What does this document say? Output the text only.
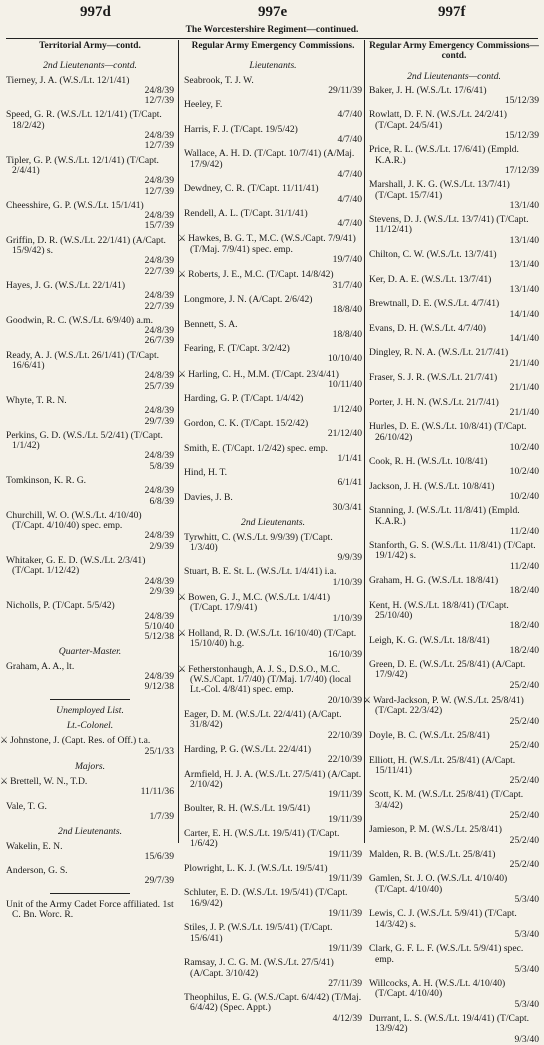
997d	997e	997f
The Worcestershire Regiment—continued.
Territorial Army—contd.
2nd Lieutenants—contd.
Tierney, J. A. (W.S./Lt. 12/1/41)
24/8/39
12/7/39
Speed, G. R. (W.S./Lt. 12/1/41) (T/Capt. 18/2/42)
24/8/39
12/7/39
Tipler, G. P. (W.S./Lt. 12/1/41) (T/Capt. 2/4/41)
24/8/39
12/7/39
Cheesshire, G. P. (W.S./Lt. 15/1/41)
24/8/39
15/7/39
Griffin, D. R. (W.S./Lt. 22/1/41) (A/Capt. 15/9/42) s.
24/8/39
22/7/39
Hayes, J. G. (W.S./Lt. 22/1/41)
24/8/39
22/7/39
Goodwin, R. C. (W.S./Lt. 6/9/40) a.m.
24/8/39
26/7/39
Ready, A. J. (W.S./Lt. 26/1/41) (T/Capt. 16/6/41)
24/8/39
25/7/39
Whyte, T. R. N.
24/8/39
29/7/39
Perkins, G. D. (W.S./Lt. 5/2/41) (T/Capt. 1/1/42)
24/8/39
5/8/39
Tomkinson, K. R. G.
24/8/39
6/8/39
Churchill, W. O. (W.S./Lt. 4/10/40) (T/Capt. 4/10/40) spec. emp.
24/8/39
2/9/39
Whitaker, G. E. D. (W.S./Lt. 2/3/41) (T/Capt. 1/12/42)
24/8/39
2/9/39
Nicholls, P. (T/Capt. 5/5/42)
24/8/39
5/10/40
5/12/38
Quarter-Master.
Graham, A. A., lt.
24/8/39
9/12/38
Unemployed List.
Lt.-Colonel.
⚔ Johnstone, J. (Capt. Res. of Off.) t.a.
25/1/33
Majors.
⚔ Brettell, W. N., T.D.
11/11/36
Vale, T. G.
1/7/39
2nd Lieutenants.
Wakelin, E. N.
15/6/39
Anderson, G. S.
29/7/39
Unit of the Army Cadet Force affiliated. 1st C. Bn. Worc. R.
Regular Army Emergency Commissions.
Lieutenants.
Seabrook, T. J. W.
29/11/39
Heeley, F.
4/7/40
Harris, F. J. (T/Capt. 19/5/42)
4/7/40
Wallace, A. H. D. (T/Capt. 10/7/41) (A/Maj. 17/9/42)
4/7/40
Dewdney, C. R. (T/Capt. 11/11/41)
4/7/40
Rendell, A. L. (T/Capt. 31/1/41)
4/7/40
⚔ Hawkes, B. G. T., M.C. (W.S./Capt. 7/9/41) (T/Maj. 7/9/41) spec. emp.
19/7/40
⚔ Roberts, J. E., M.C. (T/Capt. 14/8/42)
31/7/40
Longmore, J. N. (A/Capt. 2/6/42)
18/8/40
Bennett, S. A.
18/8/40
Fearing, F. (T/Capt. 3/2/42)
10/10/40
⚔ Harling, C. H., M.M. (T/Capt. 23/4/41)
10/11/40
Harding, G. P. (T/Capt. 1/4/42)
1/12/40
Gordon, C. K. (T/Capt. 15/2/42)
21/12/40
Smith, E. (T/Capt. 1/2/42) spec. emp.
1/1/41
Hind, H. T.
6/1/41
Davies, J. B.
30/3/41
2nd Lieutenants.
Tyrwhitt, C. (W.S./Lt. 9/9/39) (T/Capt. 1/3/40)
9/9/39
Stuart, B. E. St. L. (W.S./Lt. 1/4/41) i.a.
1/10/39
⚔ Bowen, G. J., M.C. (W.S./Lt. 1/4/41) (T/Capt. 17/9/41)
1/10/39
⚔ Holland, R. D. (W.S./Lt. 16/10/40) (T/Capt. 15/10/40) h.g.
16/10/39
⚔ Fetherstonhaugh, A. J. S., D.S.O., M.C. (W.S./Capt. 1/7/40) (T/Maj. 1/7/40) (local Lt.-Col. 4/8/41) spec. emp.
20/10/39
Eager, D. M. (W.S./Lt. 22/4/41) (A/Capt. 31/8/42)
22/10/39
Harding, P. G. (W.S./Lt. 22/4/41)
22/10/39
Armfield, H. J. A. (W.S./Lt. 27/5/41) (A/Capt. 2/10/42)
19/11/39
Boulter, R. H. (W.S./Lt. 19/5/41)
19/11/39
Carter, E. H. (W.S./Lt. 19/5/41) (T/Capt. 1/6/42)
19/11/39
Plowright, L. K. J. (W.S./Lt. 19/5/41)
19/11/39
Schluter, E. D. (W.S./Lt. 19/5/41) (T/Capt. 16/9/42)
19/11/39
Stiles, J. P. (W.S./Lt. 19/5/41) (T/Capt. 15/6/41)
19/11/39
Ramsay, J. C. G. M. (W.S./Lt. 27/5/41) (A/Capt. 3/10/42)
27/11/39
Theophilus, E. G. (W.S./Capt. 6/4/42) (T/Maj. 6/4/42) (Spec. Appt.)
4/12/39
Regular Army Emergency Commissions—contd.
2nd Lieutenants—contd.
Baker, J. H. (W.S./Lt. 17/6/41)
15/12/39
Rowlatt, D. F. N. (W.S./Lt. 24/2/41) (T/Capt. 24/5/41)
15/12/39
Price, R. L. (W.S./Lt. 17/6/41) (Empld. K.A.R.)
17/12/39
Marshall, J. K. G. (W.S./Lt. 13/7/41) (T/Capt. 15/7/41)
13/1/40
Stevens, D. J. (W.S./Lt. 13/7/41) (T/Capt. 11/12/41)
13/1/40
Chilton, C. W. (W.S./Lt. 13/7/41)
13/1/40
Ker, D. A. E. (W.S./Lt. 13/7/41)
13/1/40
Brewtnall, D. E. (W.S./Lt. 4/7/41)
14/1/40
Evans, D. H. (W.S./Lt. 4/7/40)
14/1/40
Dingley, R. N. A. (W.S./Lt. 21/7/41)
21/1/40
Fraser, S. J. R. (W.S./Lt. 21/7/41)
21/1/40
Porter, J. H. N. (W.S./Lt. 21/7/41)
21/1/40
Hurles, D. E. (W.S./Lt. 10/8/41) (T/Capt. 26/10/42)
10/2/40
Cook, R. H. (W.S./Lt. 10/8/41)
10/2/40
Jackson, J. H. (W.S./Lt. 10/8/41)
10/2/40
Stanning, J. (W.S./Lt. 11/8/41) (Empld. K.A.R.)
11/2/40
Stanforth, G. S. (W.S./Lt. 11/8/41) (T/Capt. 19/1/42) s.
11/2/40
Graham, H. G. (W.S./Lt. 18/8/41)
18/2/40
Kent, H. (W.S./Lt. 18/8/41) (T/Capt. 25/10/40)
18/2/40
Leigh, K. G. (W.S./Lt. 18/8/41)
18/2/40
Green, D. E. (W.S./Lt. 25/8/41) (A/Capt. 17/9/42)
25/2/40
⚔ Ward-Jackson, P. W. (W.S./Lt. 25/8/41) (T/Capt. 22/3/42)
25/2/40
Doyle, B. C. (W.S./Lt. 25/8/41)
25/2/40
Elliott, H. (W.S./Lt. 25/8/41) (A/Capt. 15/11/41)
25/2/40
Scott, K. M. (W.S./Lt. 25/8/41) (T/Capt. 3/4/42)
25/2/40
Jamieson, P. M. (W.S./Lt. 25/8/41)
25/2/40
Malden, R. B. (W.S./Lt. 25/8/41)
25/2/40
Gamlen, St. J. O. (W.S./Lt. 4/10/40) (T/Capt. 4/10/40)
5/3/40
Lewis, C. J. (W.S./Lt. 5/9/41) (T/Capt. 14/3/42) s.
5/3/40
Clark, G. F. L. F. (W.S./Lt. 5/9/41) spec. emp.
5/3/40
Willcocks, A. H. (W.S./Lt. 4/10/40) (T/Capt. 4/10/40)
5/3/40
Durrant, L. S. (W.S./Lt. 19/4/41) (T/Capt. 13/9/42)
9/3/40
